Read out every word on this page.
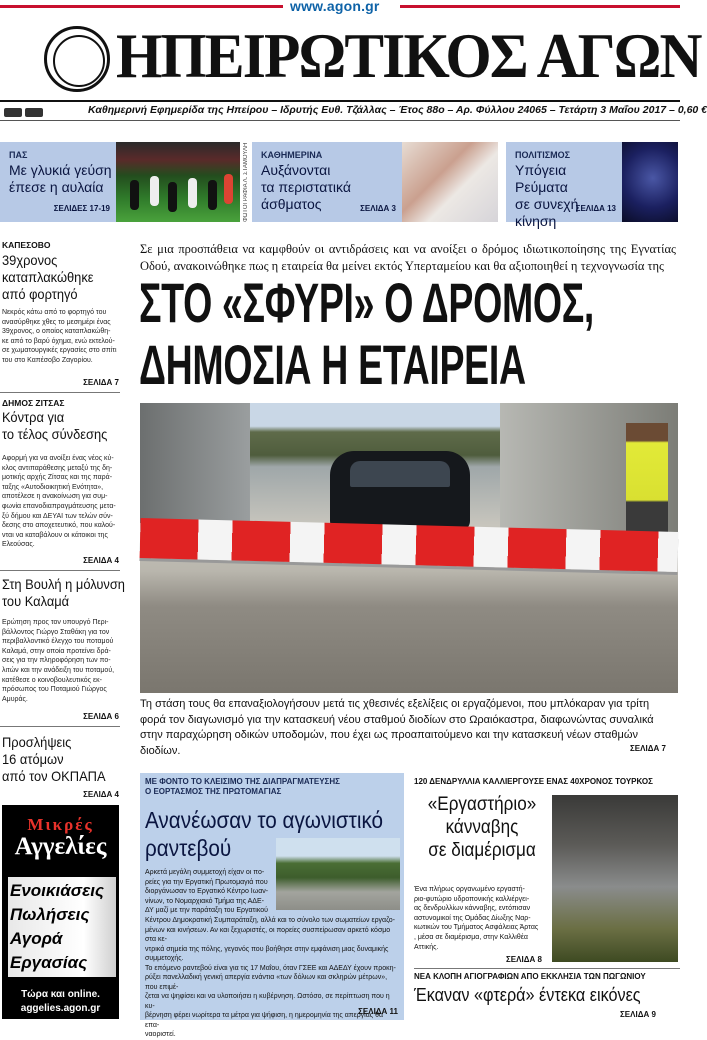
www.agon.gr
ΗΠΕΙΡΩΤΙΚΟΣ ΑΓΩΝ
Καθημερινή Εφημερίδα της Ηπείρου – Ιδρυτής Ευθ. Τζάλλας – Έτος 88ο – Αρ. Φύλλου 24065 – Τετάρτη 3 Μαΐου 2017 – 0,60 €
ΠΑΣ
Με γλυκιά γεύση
έπεσε η αυλαία
ΣΕΛΙΔΕΣ 17-19	ΦΩΤΟΓΡΑΦΙΑ Λ. ΣΤΑΜΟΥΛΗ	ΚΑΘΗΜΕΡΙΝΑ
Αυξάνονται
τα περιστατικά άσθματος	ΣΕΛΙΔΑ 3
ΠΟΛΙΤΙΣΜΟΣ
Υπόγεια Ρεύματα
σε συνεχή κίνηση
ΣΕΛΙΔΑ 13
ΚΑΠΕΣΟΒΟ
39χρονος
καταπλακώθηκε
από φορτηγό
Νεκρός κάτω από το φορτηγό του
ανασύρθηκε χθες το μεσημέρι ένας
39χρονος, ο οποίος καταπλακώθη-
κε από το βαρύ όχημα, ενώ εκτελού-
σε χωματουργικές εργασίες στο σπίτι
του στο Καπέσοβο Ζαγορίου.
ΣΕΛΙΔΑ 7
ΔΗΜΟΣ ΖΙΤΣΑΣ
Κόντρα για
το τέλος σύνδεσης
Αφορμή για να ανοίξει ένας νέος κύ-
κλος αντιπαράθεσης μεταξύ της δη-
μοτικής αρχής Ζίτσας και της παρά-
ταξης «Αυτοδιοικητική Ενότητα»,
αποτέλεσε η ανακοίνωση για συμ-
φωνία επανοδιαπραγμάτευσης μετα-
ξύ δήμου και ΔΕΥΑΙ των τελών σύν-
δεσης στο αποχετευτικό, που καλού-
νται να καταβάλουν οι κάτοικοι της
Ελεούσας.
ΣΕΛΙΔΑ 4
Στη Βουλή η μόλυνση
του Καλαμά
Ερώτηση προς τον υπουργό Περι-
βάλλοντος Γιώργο Σταθάκη για τον
περιβαλλοντικό έλεγχο του ποταμού
Καλαμά, στην οποία προτείνει δρά-
σεις για την πληροφόρηση των πο-
λιτών και την ανάδειξη του ποταμού,
κατέθεσε ο κοινοβουλευτικός εκ-
πρόσωπος του Ποταμιού Γιώργος
Αμυράς.
ΣΕΛΙΔΑ 6
Προσλήψεις
16 ατόμων
από τον ΟΚΠΑΠΑ
ΣΕΛΙΔΑ 4
Μικρές
Αγγελίες
Ενοικιάσεις
Πωλήσεις
Αγορά
Εργασίας
Τώρα και online.
aggelies.agon.gr
Σε μια προσπάθεια να καμφθούν οι αντιδράσεις και να ανοίξει ο δρόμος ιδιωτικοποίησης της Εγνατίας Οδού, ανακοινώθηκε πως η εταιρεία θα μείνει εκτός Υπερταμείου και θα αξιοποιηθεί η τεχνογνωσία της
ΣΤΟ «ΣΦΥΡΙ» Ο ΔΡΟΜΟΣ,
ΔΗΜΟΣΙΑ Η ΕΤΑΙΡΕΙΑ
Τη στάση τους θα επαναξιολογήσουν μετά τις χθεσινές εξελίξεις οι εργαζόμενοι, που μπλόκαραν για τρίτη φορά τον διαγωνισμό για την κατασκευή νέου σταθμού διοδίων στο Ωραιόκαστρα, διαφωνώντας συναλικά στην παραχώρηση οδικών υποδομών, που έχει ως προαπαιτούμενο και την κατασκευή νέων σταθμών διοδίων.	ΣΕΛΙΔΑ 7
ΜΕ ΦΟΝΤΟ ΤΟ ΚΛΕΙΣΙΜΟ ΤΗΣ ΔΙΑΠΡΑΓΜΑΤΕΥΣΗΣ
Ο ΕΟΡΤΑΣΜΟΣ ΤΗΣ ΠΡΩΤΟΜΑΓΙΑΣ
Ανανέωσαν το αγωνιστικό
ραντεβού
Αρκετά μεγάλη συμμετοχή είχαν οι πο-
ρείες για την Εργατική Πρωτομαγιά που
διοργάνωσαν το Εργατικό Κέντρο Ιωαν-
νίνων, το Νομαρχιακό Τμήμα της ΑΔΕ-
ΔΥ μαζί με την παράταξη του Εργατικού
Κέντρου Δημοκρατική Συμπαράταξη, αλλά και το σύνολο των σωματείων εργαζο-
μένων και κινήσεων. Αν και ξεχωριστές, οι πορείες συσπείρωσαν αρκετό κόσμο στα κε-
ντρικά σημεία της πόλης, γεγονός που βοήθησε στην εμφάνιση μιας δυναμικής συμμετοχής.
Το επόμενο ραντεβού είναι για τις 17 Μαΐου, όταν ΓΣΕΕ και ΑΔΕΔΥ έχουν προκη-
ρύξει πανελλαδική γενική απεργία ενάντια «των δόλιων και σκληρών μέτρων», που επιμέ-
ζεται να ψηφίσει και να υλοποιήσει η κυβέρνηση. Ωστόσο, σε περίπτωση που η κυ-
βέρνηση φέρει νωρίτερα τα μέτρα για ψήφιση, η ημερομηνία της απεργίας θα επα-
ναοριστεί.
ΣΕΛΙΔΑ 11
120 ΔΕΝΔΡΥΛΛΙΑ ΚΑΛΛΙΕΡΓΟΥΣΕ ΕΝΑΣ 40ΧΡΟΝΟΣ ΤΟΥΡΚΟΣ
«Εργαστήριο»
κάνναβης
σε διαμέρισμα
Ένα πλήρως οργανωμένο εργαστή-
ριο-φυτώριο υδροπονικής καλλιέργει-
ας δενδρυλλίων κάνναβης, εντόπισαν
αστυνομικοί της Ομάδας Δίωξης Ναρ-
κωτικών του Τμήματος Ασφάλειας Άρτας
, μέσα σε διαμέρισμα, στην Καλλιθέα
Αττικής.
ΣΕΛΙΔΑ 8
ΝΕΑ ΚΛΟΠΗ ΑΓΙΟΓΡΑΦΙΩΝ ΑΠΟ ΕΚΚΛΗΣΙΑ ΤΩΝ ΠΩΓΩΝΙΟΥ
Έκαναν «φτερά» έντεκα εικόνες
ΣΕΛΙΔΑ 9
